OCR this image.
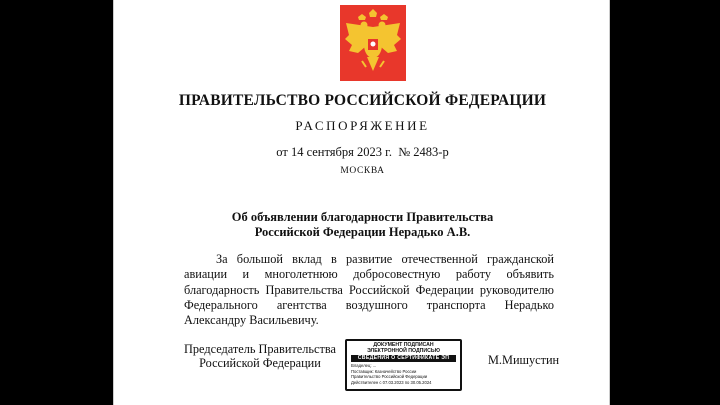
ПРАВИТЕЛЬСТВО РОССИЙСКОЙ ФЕДЕРАЦИИ
РАСПОРЯЖЕНИЕ
от 14 сентября 2023 г.  № 2483-р
МОСКВА
Об объявлении благодарности Правительства
Российской Федерации Нерадько А.В.
За большой вклад в развитие отечественной гражданской авиации и многолетнюю добросовестную работу объявить благодарность Правительства Российской Федерации руководителю Федерального агентства воздушного транспорта Нерадько Александру Васильевичу.
Председатель Правительства
Российской Федерации
ДОКУМЕНТ ПОДПИСАН
ЭЛЕКТРОННОЙ ПОДПИСЬЮ
СВЕДЕНИЯ О СЕРТИФИКАТЕ ЭП
Владелец: ...
Поставщик: Казначейство России
Правительство Российской Федерации
Действителен с 07.03.2023 по 30.05.2024
М.Мишустин
